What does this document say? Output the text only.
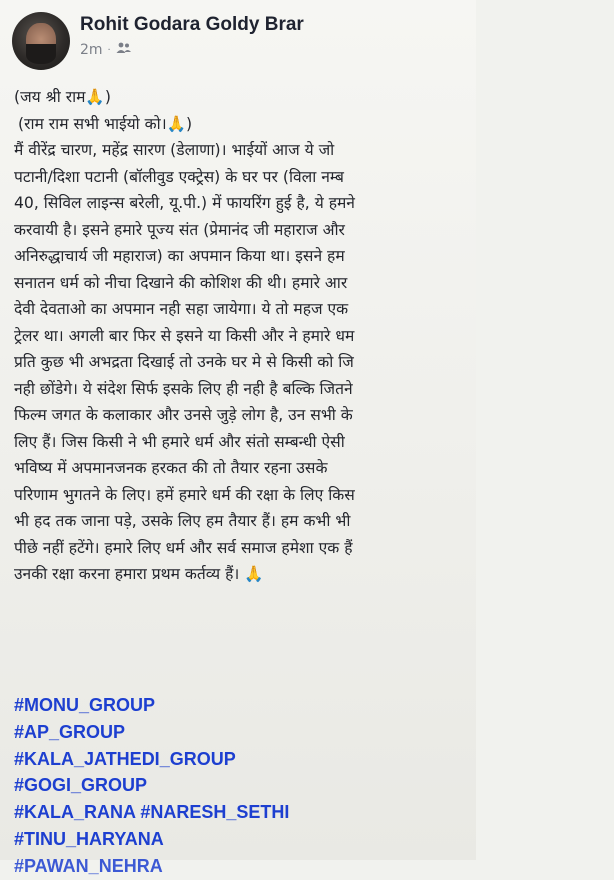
Rohit Godara Goldy Brar
2m ·
(जय श्री राम🙏)
(राम राम सभी भाईयो को।🙏)
मैं वीरेंद्र चारण, महेंद्र सारण (डेलाणा)। भाईयों आज ये जो
पटानी/दिशा पटानी (बॉलीवुड एक्ट्रेस) के घर पर (विला नम्ब
40, सिविल लाइन्स बरेली, यू.पी.) में फायरिंग हुई है, ये हमने
करवायी है। इसने हमारे पूज्य संत (प्रेमानंद जी महाराज और
अनिरुद्धाचार्य जी महाराज) का अपमान किया था। इसने हम
सनातन धर्म को नीचा दिखाने की कोशिश की थी। हमारे आर
देवी देवताओ का अपमान नही सहा जायेगा। ये तो महज एक
ट्रेलर था। अगली बार फिर से इसने या किसी और ने हमारे धम
प्रति कुछ भी अभद्रता दिखाई तो उनके घर मे से किसी को जि
नही छोंडेगे। ये संदेश सिर्फ इसके लिए ही नही है बल्कि जितने
फिल्म जगत के कलाकार और उनसे जुड़े लोग है, उन सभी के
लिए हैं। जिस किसी ने भी हमारे धर्म और संतो सम्बन्धी ऐसी
भविष्य में अपमानजनक हरकत की तो तैयार रहना उसके
परिणाम भुगतने के लिए। हमें हमारे धर्म की रक्षा के लिए किस
भी हद तक जाना पड़े, उसके लिए हम तैयार हैं। हम कभी भी
पीछे नहीं हटेंगे। हमारे लिए धर्म और सर्व समाज हमेशा एक हैं
उनकी रक्षा करना हमारा प्रथम कर्तव्य हैं। 🙏
#MONU_GROUP
#AP_GROUP
#KALA_JATHEDI_GROUP
#GOGI_GROUP
#KALA_RANA #NARESH_SETHI
#TINU_HARYANA
#PAWAN_NEHRA
